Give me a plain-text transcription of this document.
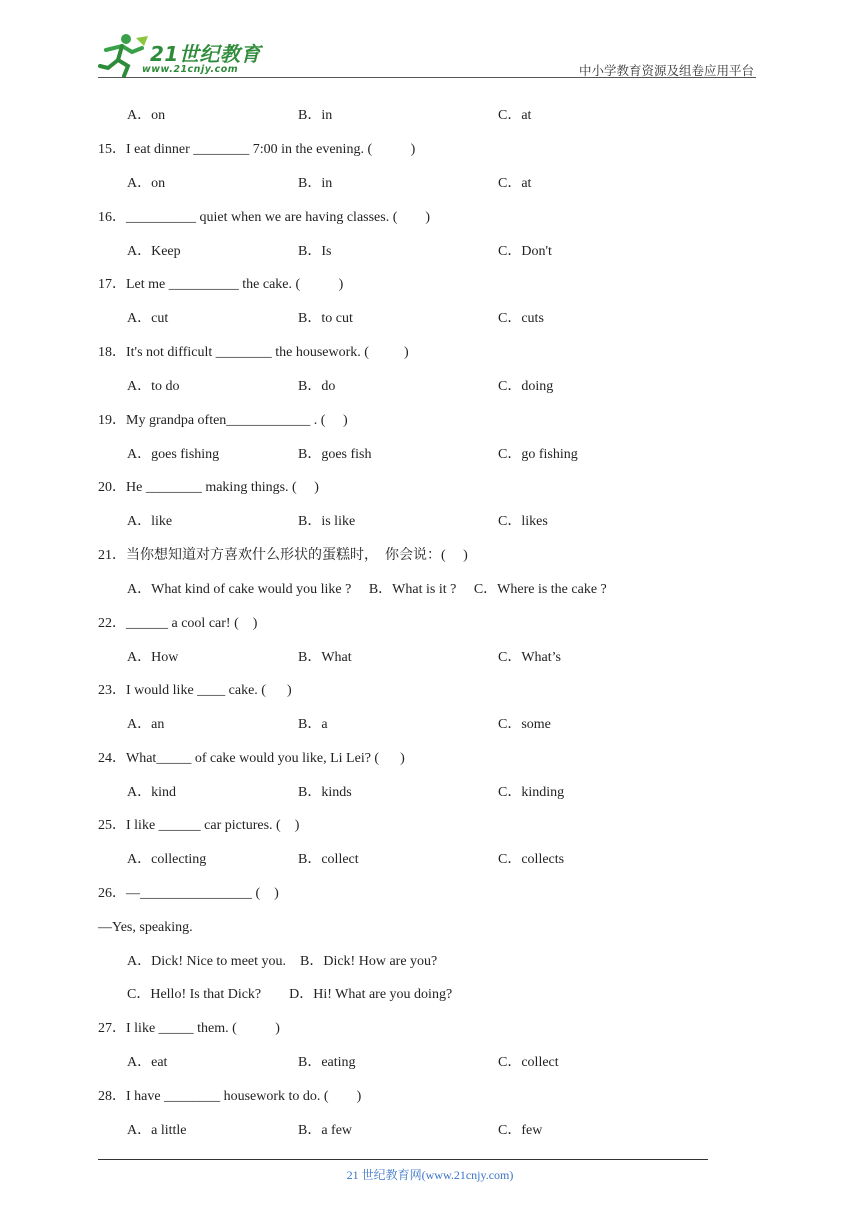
21世纪教育
www.21cnjy.com	中小学教育资源及组卷应用平台
A．on	B．in	C．at
15．I eat dinner ________ 7:00 in the evening. (           )
A．on	B．in	C．at
16．__________ quiet when we are having classes. (        )
A．Keep	B．Is	C．Don't
17．Let me __________ the cake. (           )
A．cut	B．to cut	C．cuts
18．It's not difficult ________ the housework. (          )
A．to do	B．do	C．doing
19．My grandpa often____________ . (     )
A．goes fishing	B．goes fish	C．go fishing
20．He ________ making things. (     )
A．like	B．is like	C．likes
21．当你想知道对方喜欢什么形状的蛋糕时，  你会说：(     )
A．What kind of cake would you like ?     B．What is it ?     C．Where is the cake ?
22．______ a cool car! (    )
A．How	B．What	C．What’s
23．I would like ____ cake. (      )
A．an	B．a	C．some
24．What_____ of cake would you like, Li Lei? (      )
A．kind	B．kinds	C．kinding
25．I like ______ car pictures. (    )
A．collecting	B．collect	C．collects
26．—________________ (    )
—Yes, speaking.
A．Dick! Nice to meet you.    B．Dick! How are you?
C．Hello! Is that Dick?        D．Hi! What are you doing?
27．I like _____ them. (           )
A．eat	B．eating	C．collect
28．I have ________ housework to do. (        )
A．a little	B．a few	C．few
21 世纪教育网(www.21cnjy.com)
